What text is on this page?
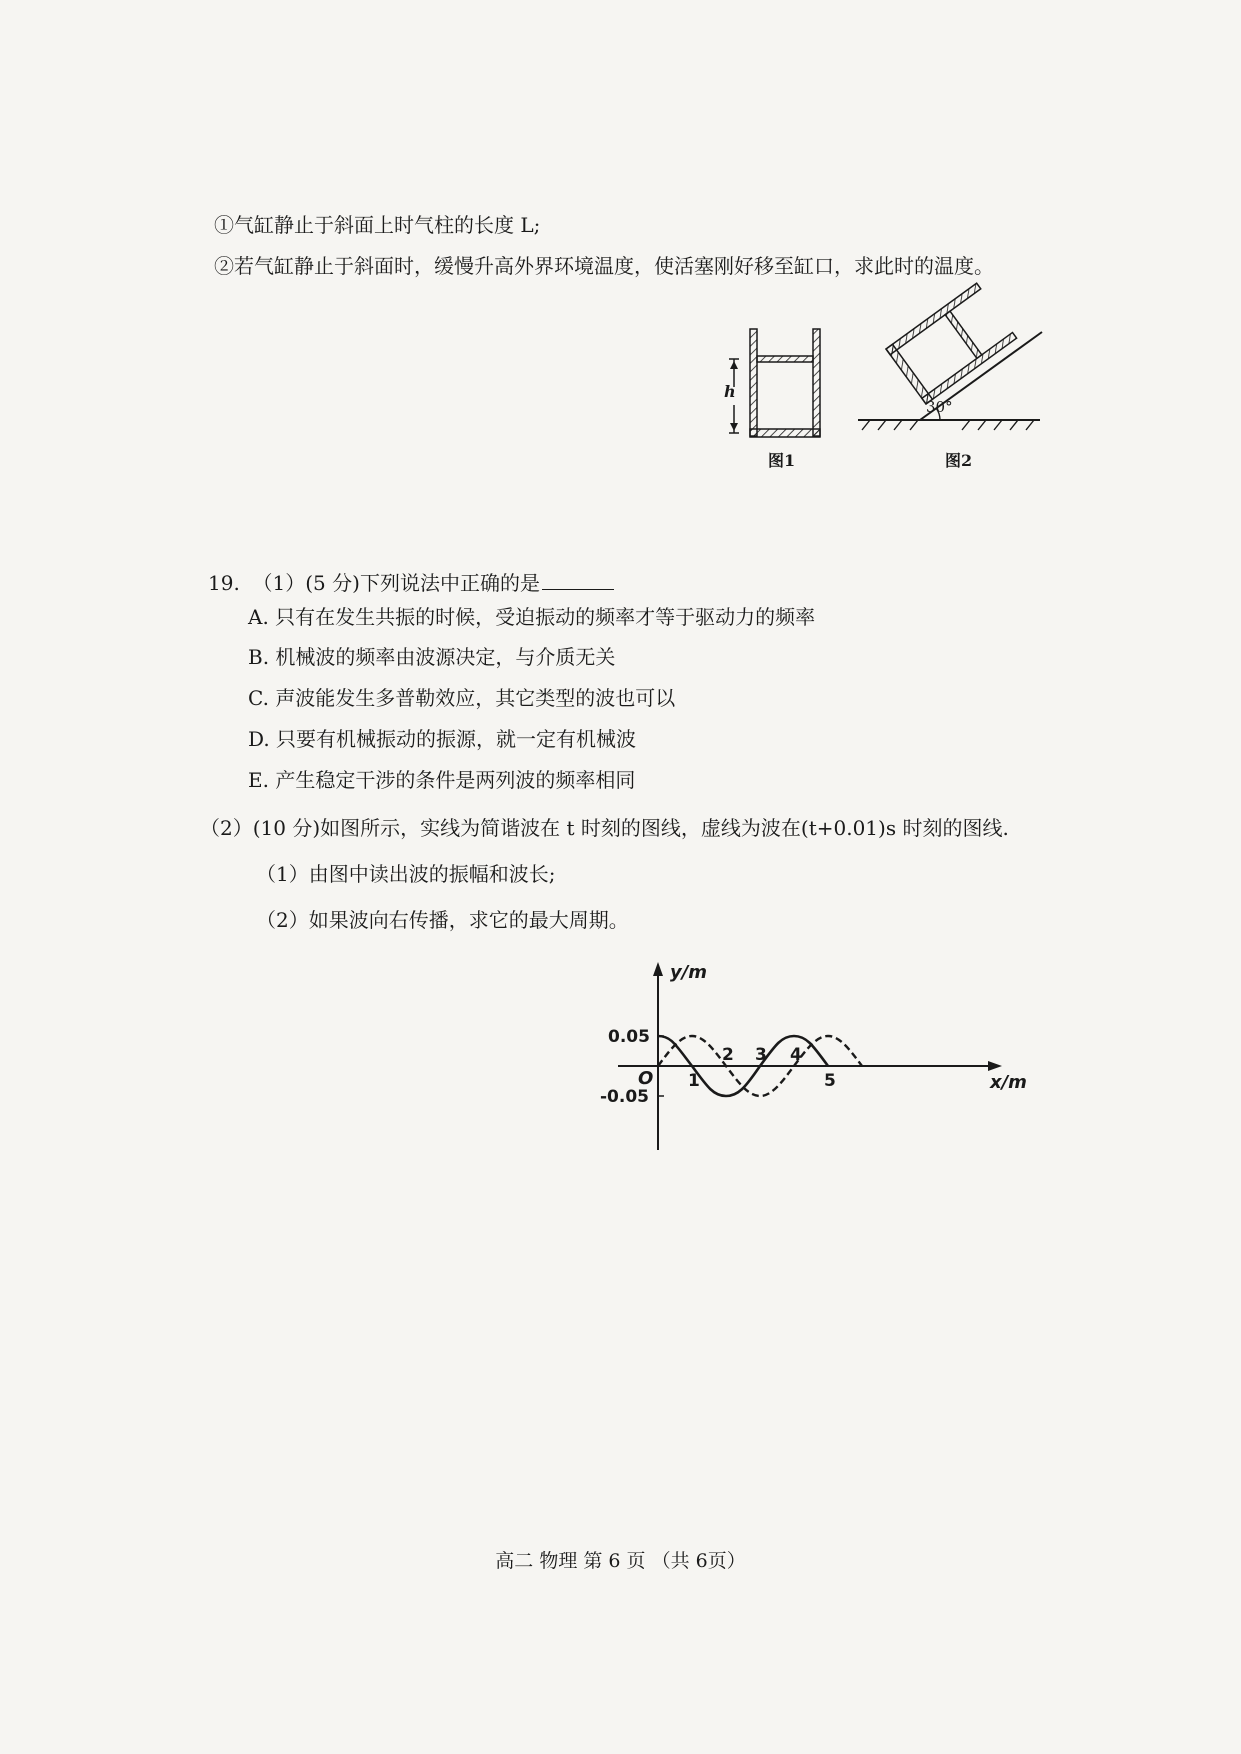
①气缸静止于斜面上时气柱的长度 L;
②若气缸静止于斜面时，缓慢升高外界环境温度，使活塞刚好移至缸口，求此时的温度。
h
图1
30°
图2
19. （1）(5 分)下列说法中正确的是
A. 只有在发生共振的时候，受迫振动的频率才等于驱动力的频率
B. 机械波的频率由波源决定，与介质无关
C. 声波能发生多普勒效应，其它类型的波也可以
D. 只要有机械振动的振源，就一定有机械波
E. 产生稳定干涉的条件是两列波的频率相同
（2）(10 分)如图所示，实线为简谐波在 t 时刻的图线，虚线为波在(t+0.01)s 时刻的图线.
（1）由图中读出波的振幅和波长;
（2）如果波向右传播，求它的最大周期。
y/m
x/m
O
0.05
-0.05
1
2 3 4
5
高二 物理 第 6 页 （共 6页）
